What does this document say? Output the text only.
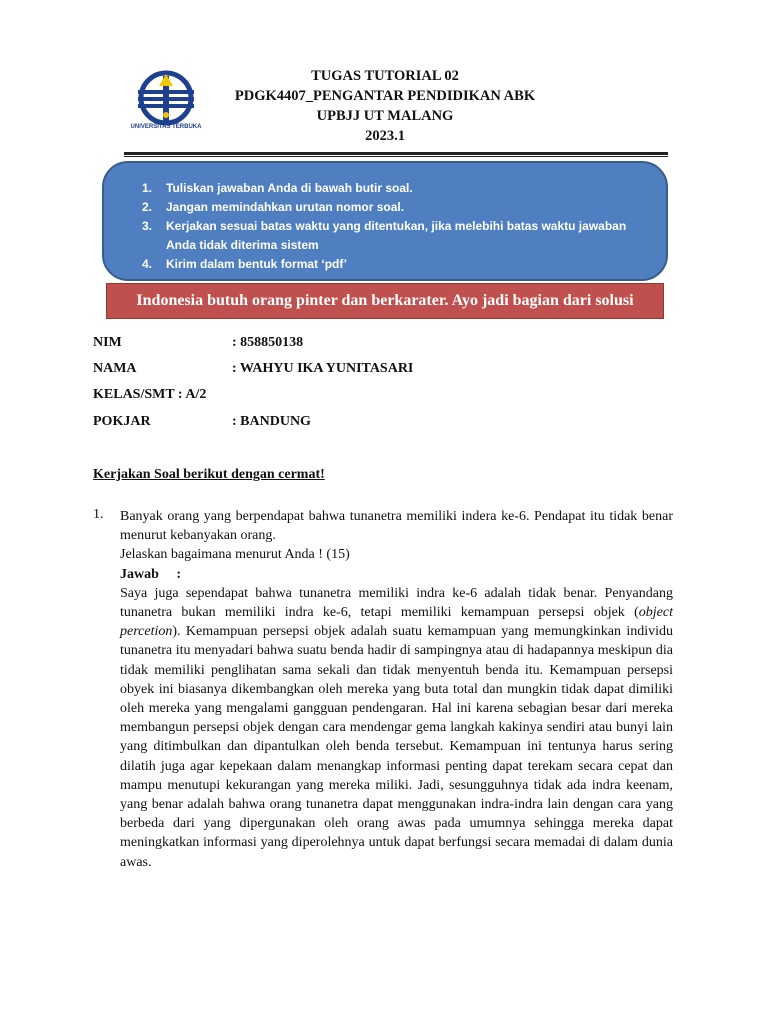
UNIVERSITAS TERBUKA
TUGAS TUTORIAL 02
PDGK4407_PENGANTAR PENDIDIKAN ABK
UPBJJ UT MALANG
2023.1
1.	Tuliskan jawaban Anda di bawah butir soal.
2.	Jangan memindahkan urutan nomor soal.
3.	Kerjakan sesuai batas waktu yang ditentukan, jika melebihi batas waktu jawaban Anda tidak diterima sistem
4.	Kirim dalam bentuk format ‘pdf’
Indonesia butuh orang pinter dan berkarater. Ayo jadi bagian dari solusi
NIM	: 858850138
NAMA	: WAHYU IKA YUNITASARI
KELAS/SMT : A/2
POKJAR	: BANDUNG
Kerjakan Soal berikut dengan cermat!
1. Banyak orang yang berpendapat bahwa tunanetra memiliki indera ke-6. Pendapat itu tidak benar menurut kebanyakan orang.

Jelaskan bagaimana menurut Anda ! (15)

Jawab     :

Saya juga sependapat bahwa tunanetra memiliki indra ke-6 adalah tidak benar. Penyandang tunanetra bukan memiliki indra ke-6, tetapi memiliki kemampuan persepsi objek (object percetion). Kemampuan persepsi objek adalah suatu kemampuan yang memungkinkan individu tunanetra itu menyadari bahwa suatu benda hadir di sampingnya atau di hadapannya meskipun dia tidak memiliki penglihatan sama sekali dan tidak menyentuh benda itu. Kemampuan persepsi obyek ini biasanya dikembangkan oleh mereka yang buta total dan mungkin tidak dapat dimiliki oleh mereka yang mengalami gangguan pendengaran. Hal ini karena sebagian besar dari mereka membangun persepsi objek dengan cara mendengar gema langkah kakinya sendiri atau bunyi lain yang ditimbulkan dan dipantulkan oleh benda tersebut. Kemampuan ini tentunya harus sering dilatih juga agar kepekaan dalam menangkap informasi penting dapat terekam secara cepat dan mampu menutupi kekurangan yang mereka miliki. Jadi, sesungguhnya tidak ada indra keenam, yang benar adalah bahwa orang tunanetra dapat menggunakan indra-indra lain dengan cara yang berbeda dari yang dipergunakan oleh orang awas pada umumnya sehingga mereka dapat meningkatkan informasi yang diperolehnya untuk dapat berfungsi secara memadai di dalam dunia awas.
